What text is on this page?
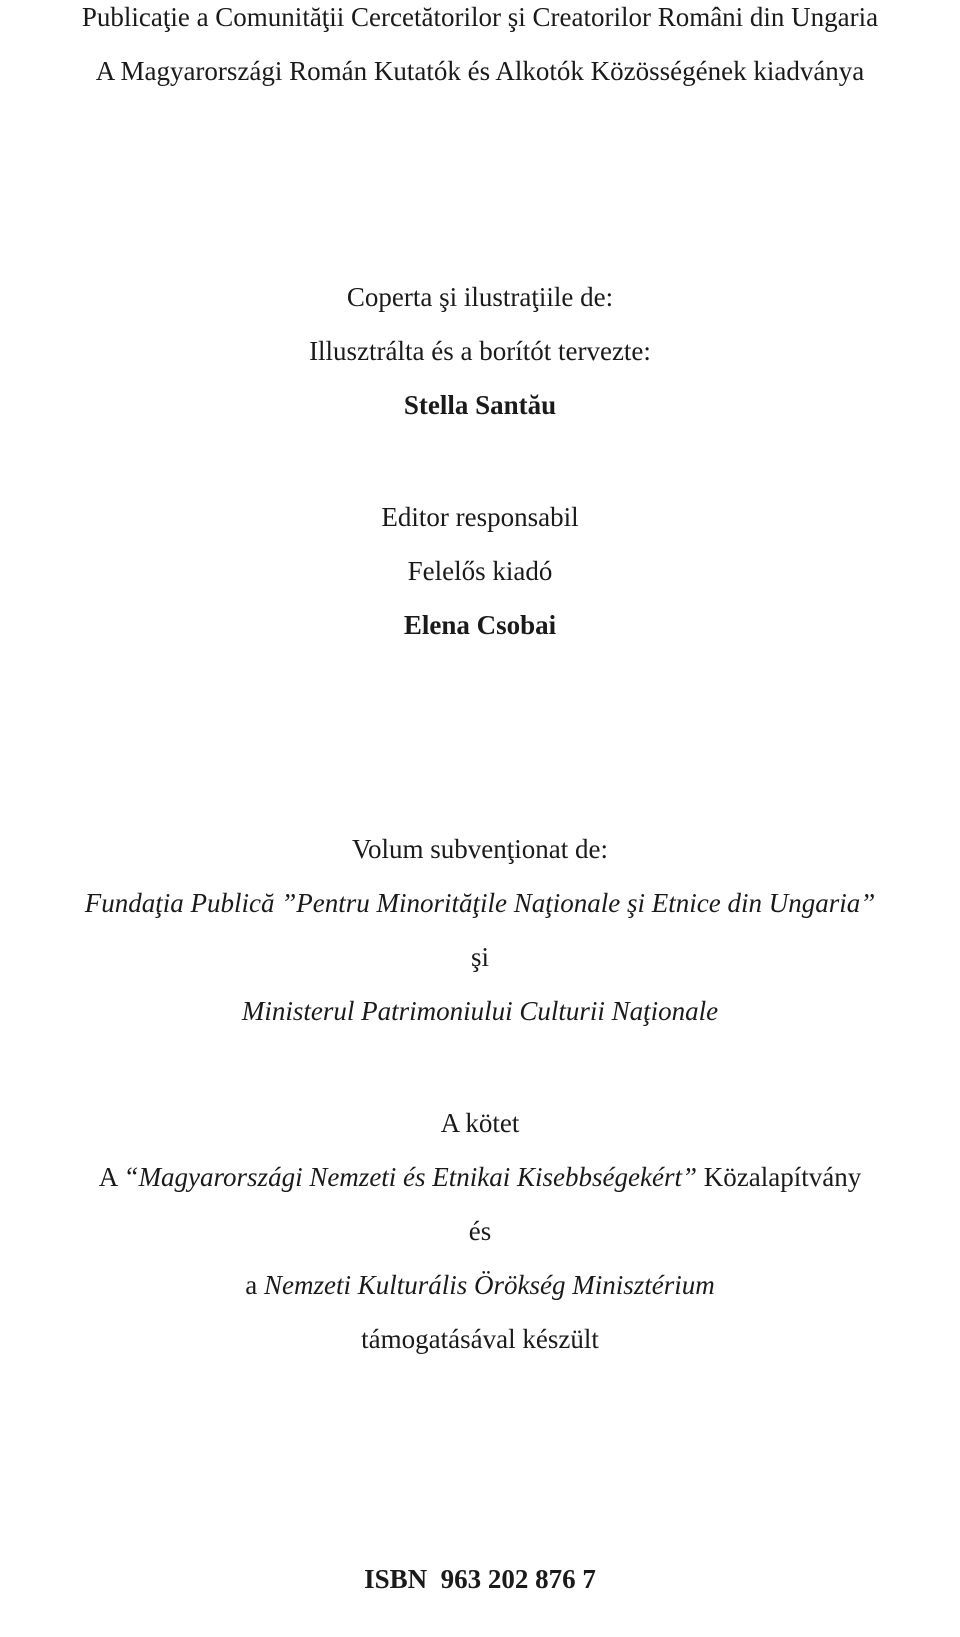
Publicaţie a Comunităţii Cercetătorilor şi Creatorilor Români din Ungaria
A Magyarországi Román Kutatók és Alkotók Közösségének kiadványa
Coperta şi ilustraţiile de:
Illusztrálta és a borítót tervezte:
Stella Santău
Editor responsabil
Felelős kiadó
Elena Csobai
Volum subvenţionat de:
Fundaţia Publică ”Pentru Minorităţile Naţionale şi Etnice din Ungaria”
şi
Ministerul Patrimoniului Culturii Naţionale
A kötet
A “Magyarországi Nemzeti és Etnikai Kisebbségekért” Közalapítvány
és
a Nemzeti Kulturális Örökség Minisztérium
támogatásával készült
ISBN  963 202 876 7
